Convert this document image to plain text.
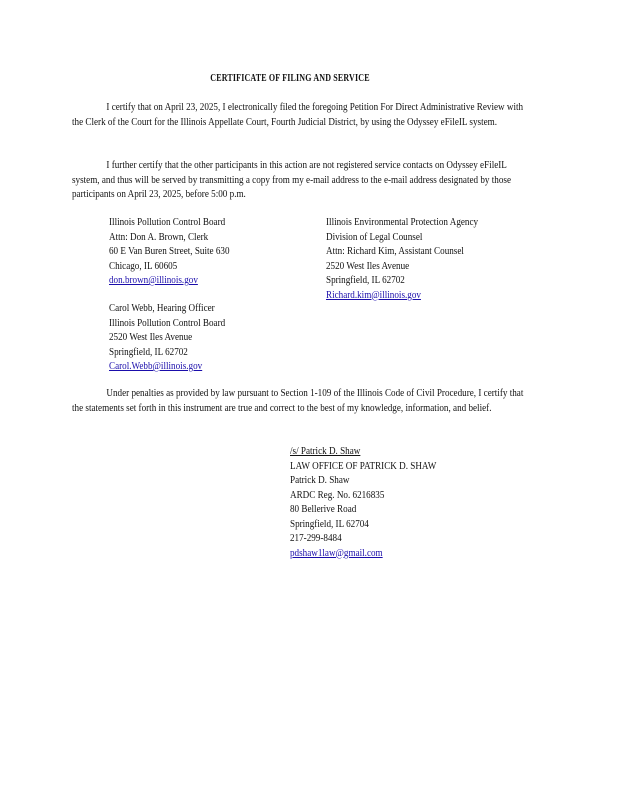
CERTIFICATE OF FILING AND SERVICE
I certify that on April 23, 2025, I electronically filed the foregoing Petition For Direct Administrative Review with the Clerk of the Court for the Illinois Appellate Court, Fourth Judicial District, by using the Odyssey eFileIL system.
I further certify that the other participants in this action are not registered service contacts on Odyssey eFileIL system, and thus will be served by transmitting a copy from my e-mail address to the e-mail address designated by those participants on April 23, 2025, before 5:00 p.m.
Illinois Pollution Control Board
Attn: Don A. Brown, Clerk
60 E Van Buren Street, Suite 630
Chicago, IL 60605
don.brown@illinois.gov
Illinois Environmental Protection Agency
Division of Legal Counsel
Attn: Richard Kim, Assistant Counsel
2520 West Iles Avenue
Springfield, IL 62702
Richard.kim@illinois.gov
Carol Webb, Hearing Officer
Illinois Pollution Control Board
2520 West Iles Avenue
Springfield, IL 62702
Carol.Webb@illinois.gov
Under penalties as provided by law pursuant to Section 1-109 of the Illinois Code of Civil Procedure, I certify that the statements set forth in this instrument are true and correct to the best of my knowledge, information, and belief.
/s/ Patrick D. Shaw
LAW OFFICE OF PATRICK D. SHAW
Patrick D. Shaw
ARDC Reg. No. 6216835
80 Bellerive Road
Springfield, IL 62704
217-299-8484
pdshaw1law@gmail.com
